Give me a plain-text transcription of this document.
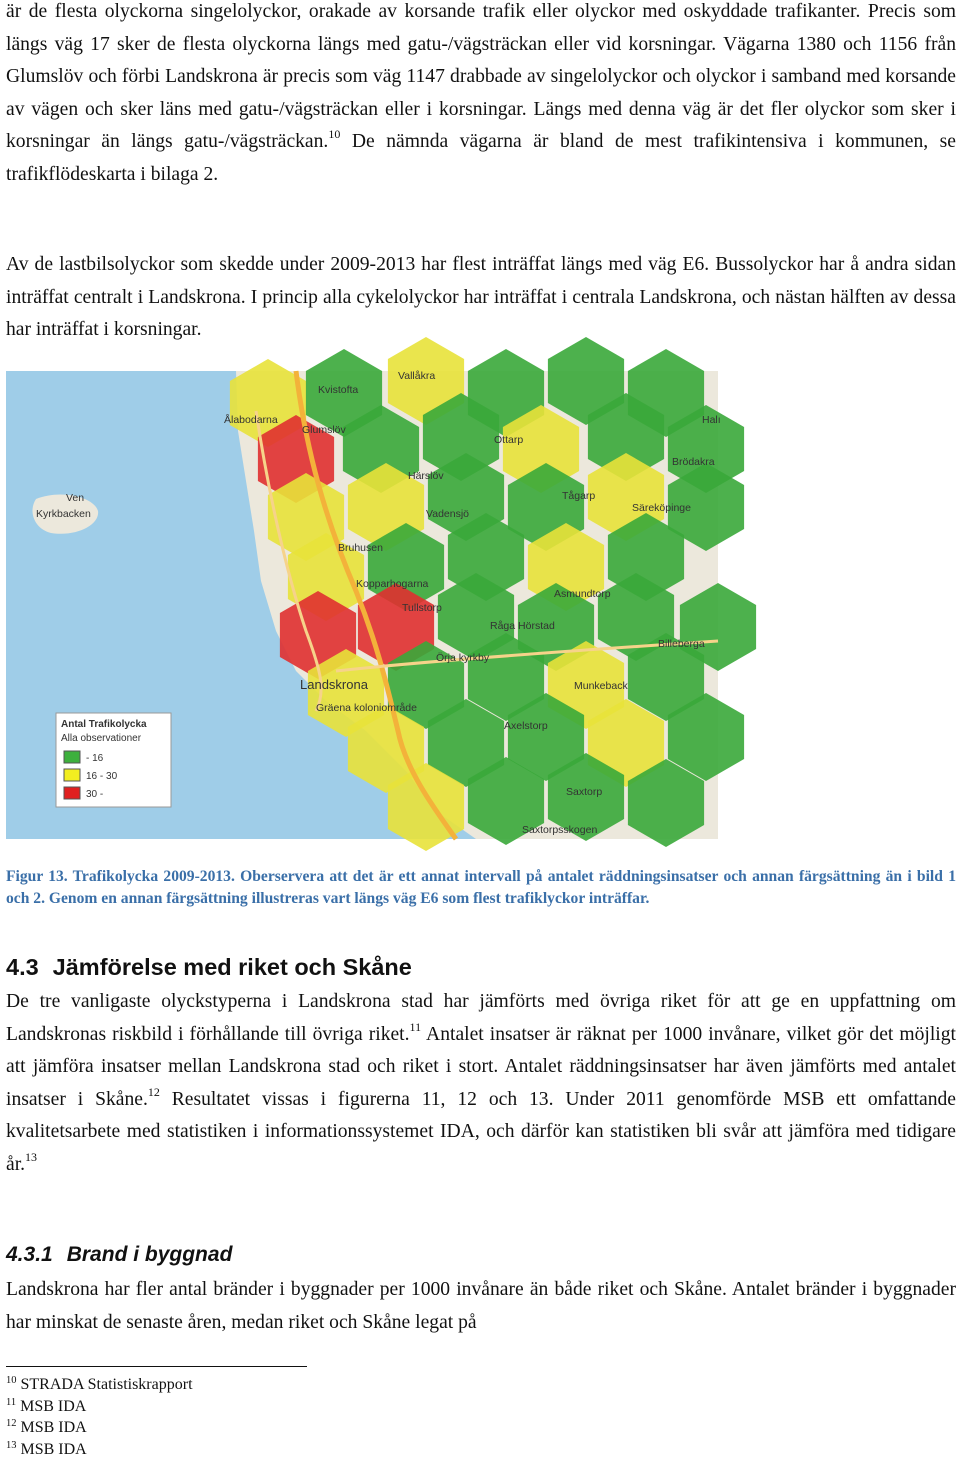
är de flesta olyckorna singelolyckor, orakade av korsande trafik eller olyckor med oskyddade trafikanter. Precis som längs väg 17 sker de flesta olyckorna längs med gatu-/vägsträckan eller vid korsningar. Vägarna 1380 och 1156 från Glumslöv och förbi Landskrona är precis som väg 1147 drabbade av singelolyckor och olyckor i samband med korsande av vägen och sker läns med gatu-/vägsträckan eller i korsningar. Längs med denna väg är det fler olyckor som sker i korsningar än längs gatu-/vägsträckan.$^{10}$ De nämnda vägarna är bland de mest trafikintensiva i kommunen, se trafikflödeskarta i bilaga 2.

Av de lastbilsolyckor som skedde under 2009-2013 har flest inträffat längs med väg E6. Bussolyckor har å andra sidan inträffat centralt i Landskrona. I princip alla cykelolyckor har inträffat i centrala Landskrona, och nästan hälften av dessa har inträffat i korsningar.

Vallåkra
Kvistofta
Ålabodarna
Glumslöv
Ottarp
Härslöv
Brödakra
Tågarp
Säreköpinge
Ven
Kyrkbacken	Vadensjö
Bruhusen
Kopparhogarna
Tullstorp
Asmundtorp
Råga Hörstad
Billeberga
Örja kyrkby
Landskrona
Gräena koloniområde
Munkeback
Axelstorp
Saxtorp
Saxtorpsskogen
Halı
Antal Trafikolycka
Alla observationer
- 16
16 - 30
30 -
Figur 13. Trafikolycka 2009-2013. Oberservera att det är ett annat intervall på antalet räddningsinsatser och annan färgsättning än i bild 1 och 2. Genom en annan färgsättning illustreras vart längs väg E6 som flest trafiklyckor inträffar.
4.3 Jämförelse med riket och Skåne

De tre vanligaste olyckstyperna i Landskrona stad har jämförts med övriga riket för att ge en uppfattning om Landskronas riskbild i förhållande till övriga riket.$^{11}$ Antalet insatser är räknat per 1000 invånare, vilket gör det möjligt att jämföra insatser mellan Landskrona stad och riket i stort. Antalet räddningsinsatser har även jämförts med antalet insatser i Skåne.$^{12}$ Resultatet vissas i figurerna 11, 12 och 13. Under 2011 genomförde MSB ett omfattande kvalitetsarbete med statistiken i informationssystemet IDA, och därför kan statistiken bli svår att jämföra med tidigare år.$^{13}$

4.3.1 Brand i byggnad

Landskrona har fler antal bränder i byggnader per 1000 invånare än både riket och Skåne. Antalet bränder i byggnader har minskat de senaste åren, medan riket och Skåne legat på

$^{10}$ STRADA Statistiskrapport
$^{11}$ MSB IDA
$^{12}$ MSB IDA
$^{13}$ MSB IDA
